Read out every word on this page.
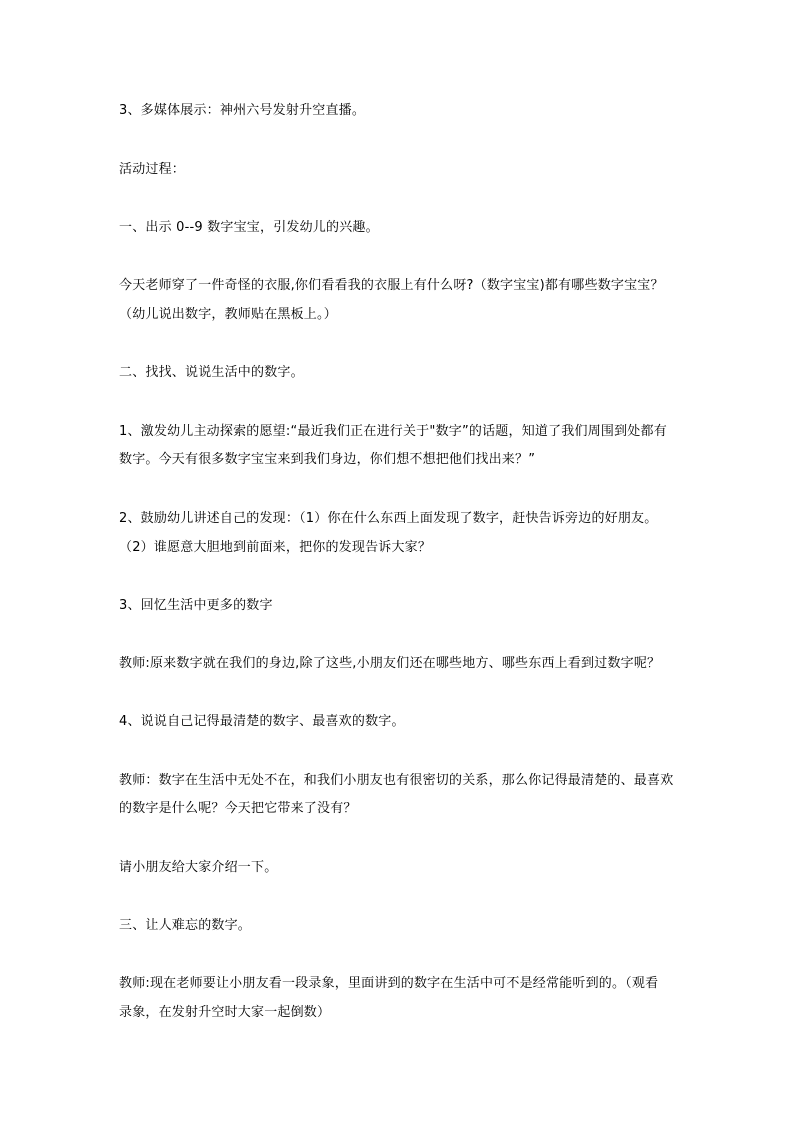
3、多媒体展示：神州六号发射升空直播。
活动过程：
一、出示 0--9 数字宝宝，引发幼儿的兴趣。
今天老师穿了一件奇怪的衣服,你们看看我的衣服上有什么呀?（数字宝宝)都有哪些数字宝宝？
（幼儿说出数字，教师贴在黑板上。）
二、找找、说说生活中的数字。
1、激发幼儿主动探索的愿望:“最近我们正在进行关于"数字”的话题，知道了我们周围到处都有
数字。今天有很多数字宝宝来到我们身边，你们想不想把他们找出来？”
2、鼓励幼儿讲述自己的发现：（1）你在什么东西上面发现了数字，赶快告诉旁边的好朋友。
（2）谁愿意大胆地到前面来，把你的发现告诉大家？
3、回忆生活中更多的数字
教师:原来数字就在我们的身边,除了这些,小朋友们还在哪些地方、哪些东西上看到过数字呢？
4、说说自己记得最清楚的数字、最喜欢的数字。
教师：数字在生活中无处不在，和我们小朋友也有很密切的关系，那么你记得最清楚的、最喜欢
的数字是什么呢？今天把它带来了没有？
请小朋友给大家介绍一下。
三、让人难忘的数字。
教师:现在老师要让小朋友看一段录象，里面讲到的数字在生活中可不是经常能听到的。（观看
录象，在发射升空时大家一起倒数）
